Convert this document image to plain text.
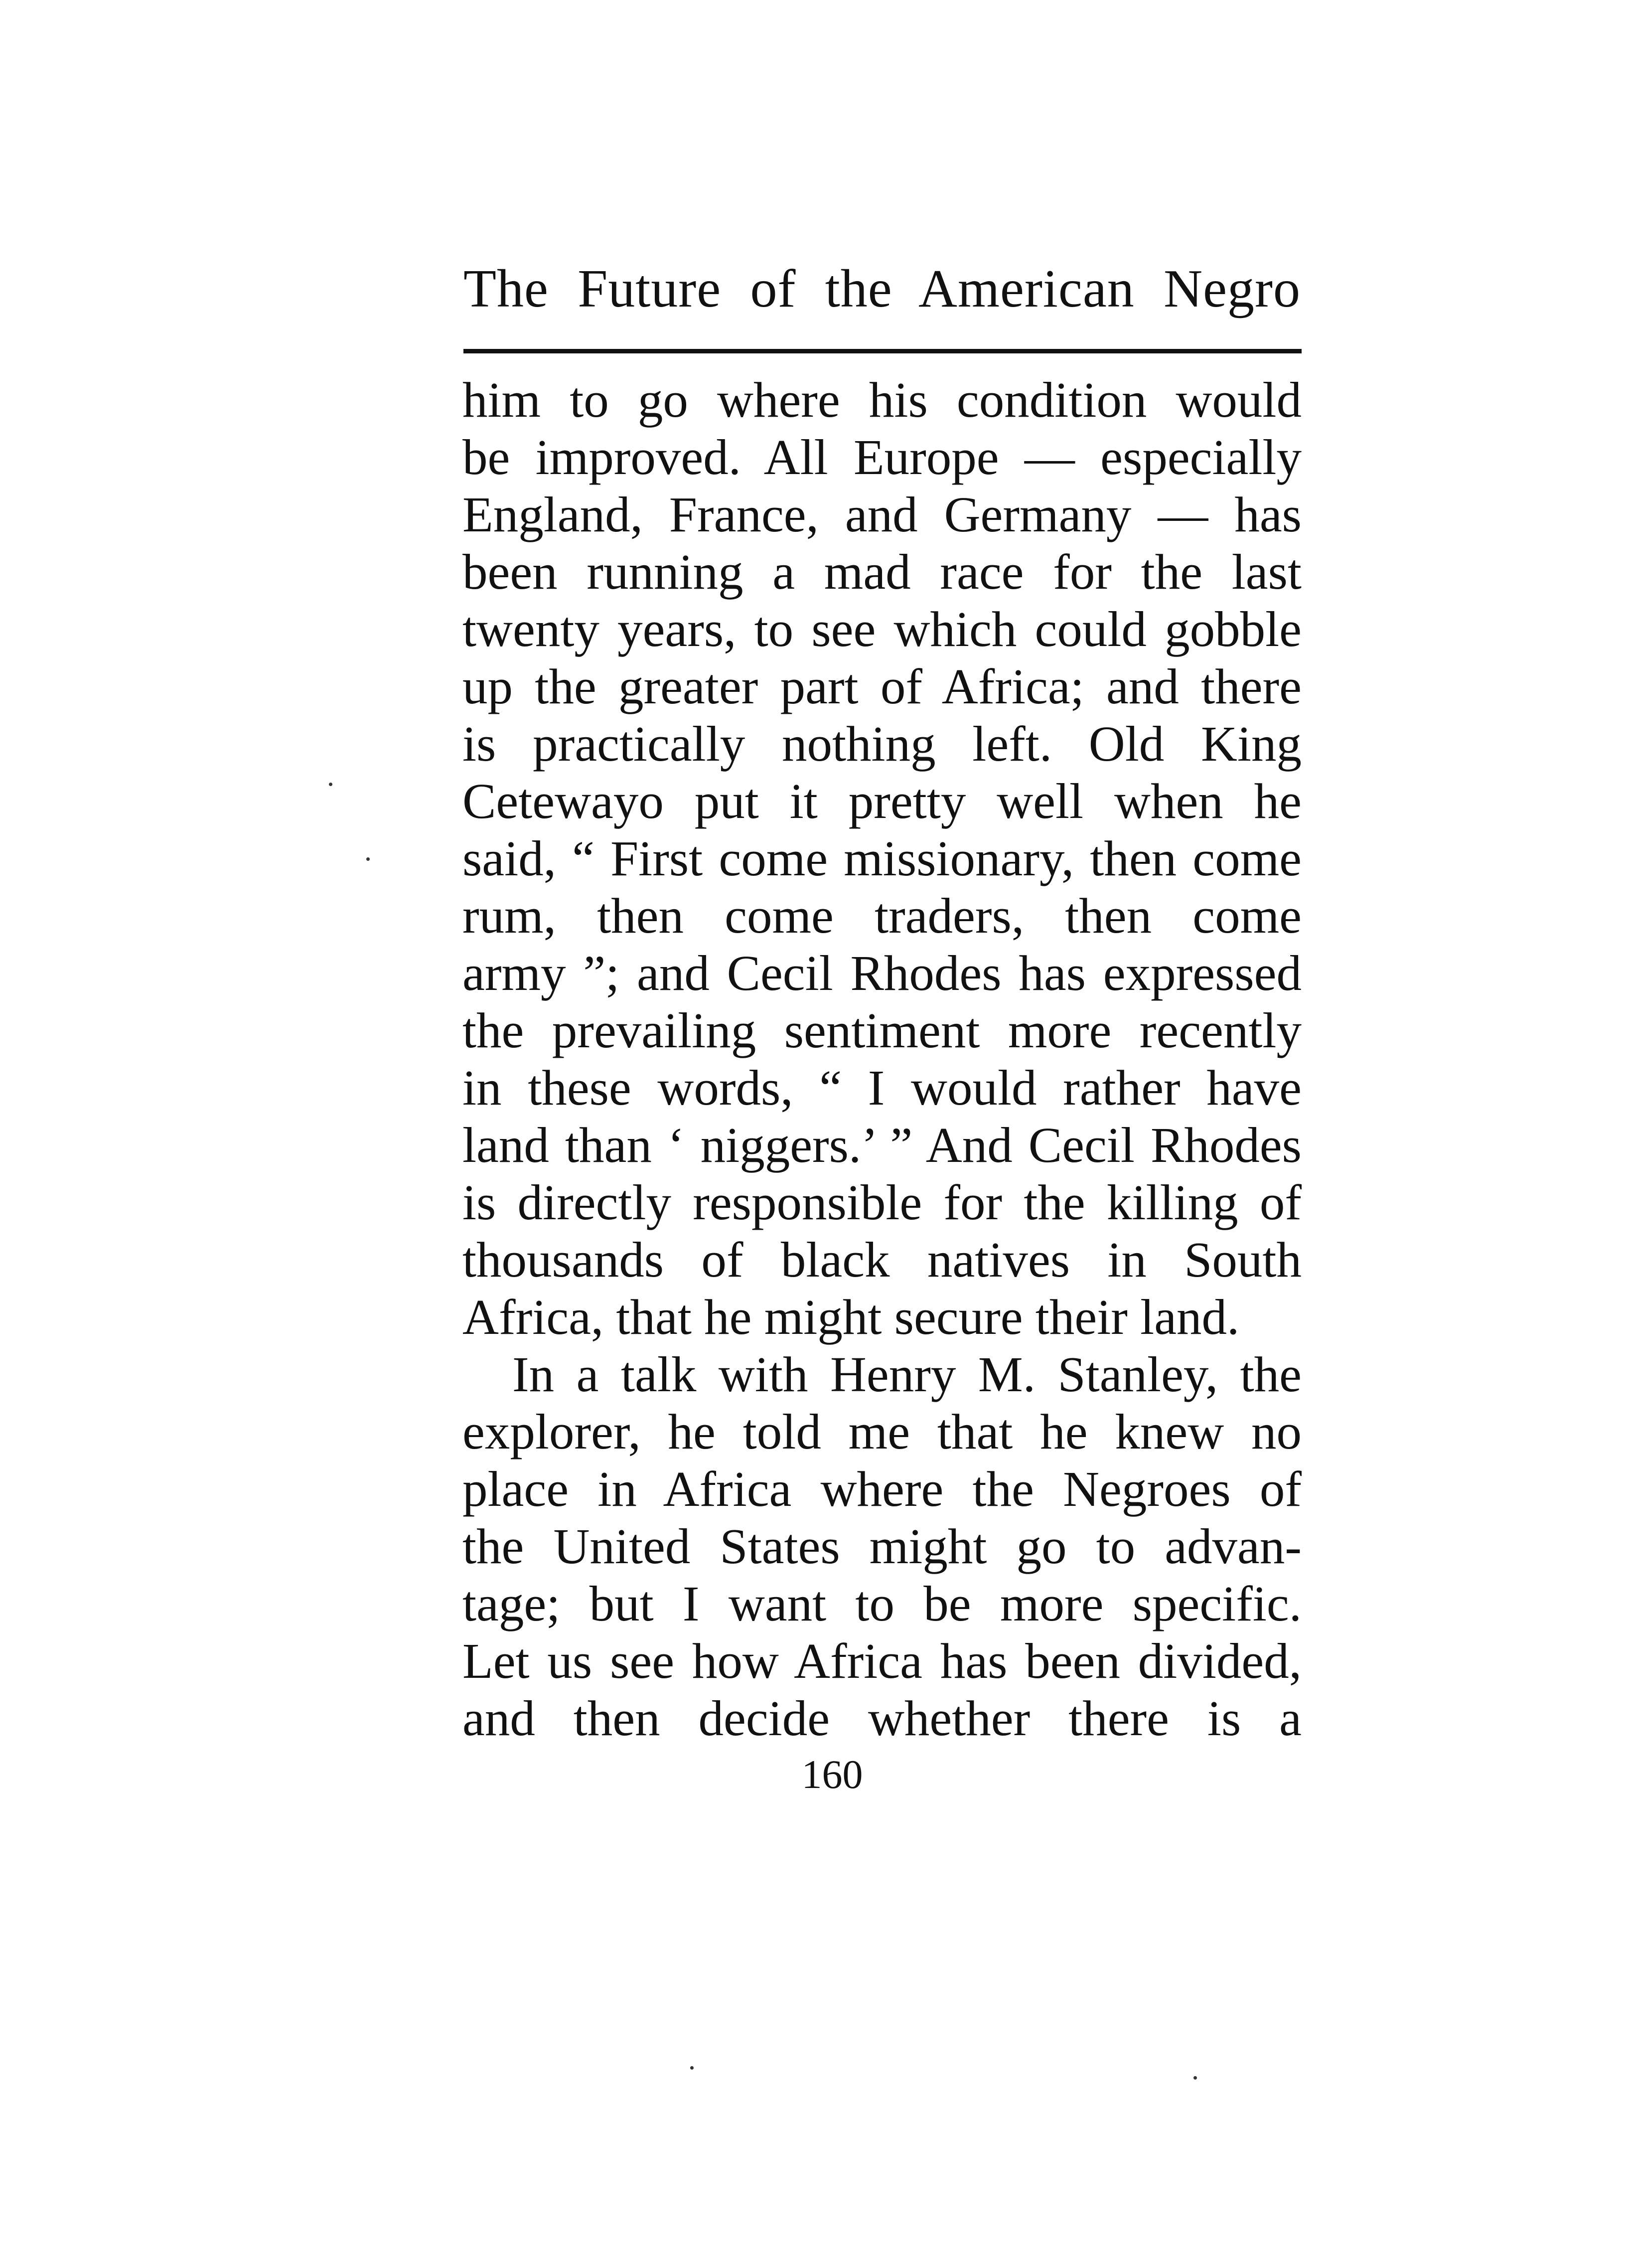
The Future of the American Negro
him to go where his condition would
be improved. All Europe — especially
England, France, and Germany — has
been running a mad race for the last
twenty years, to see which could gobble
up the greater part of Africa; and there
is practically nothing left. Old King
Cetewayo put it pretty well when he
said, “ First come missionary, then come
rum, then come traders, then come
army ”; and Cecil Rhodes has expressed
the prevailing sentiment more recently
in these words, “ I would rather have
land than ‘ niggers.’ ” And Cecil Rhodes
is directly responsible for the killing of
thousands of black natives in South
Africa, that he might secure their land.
In a talk with Henry M. Stanley, the
explorer, he told me that he knew no
place in Africa where the Negroes of
the United States might go to advan-
tage; but I want to be more specific.
Let us see how Africa has been divided,
and then decide whether there is a
160
